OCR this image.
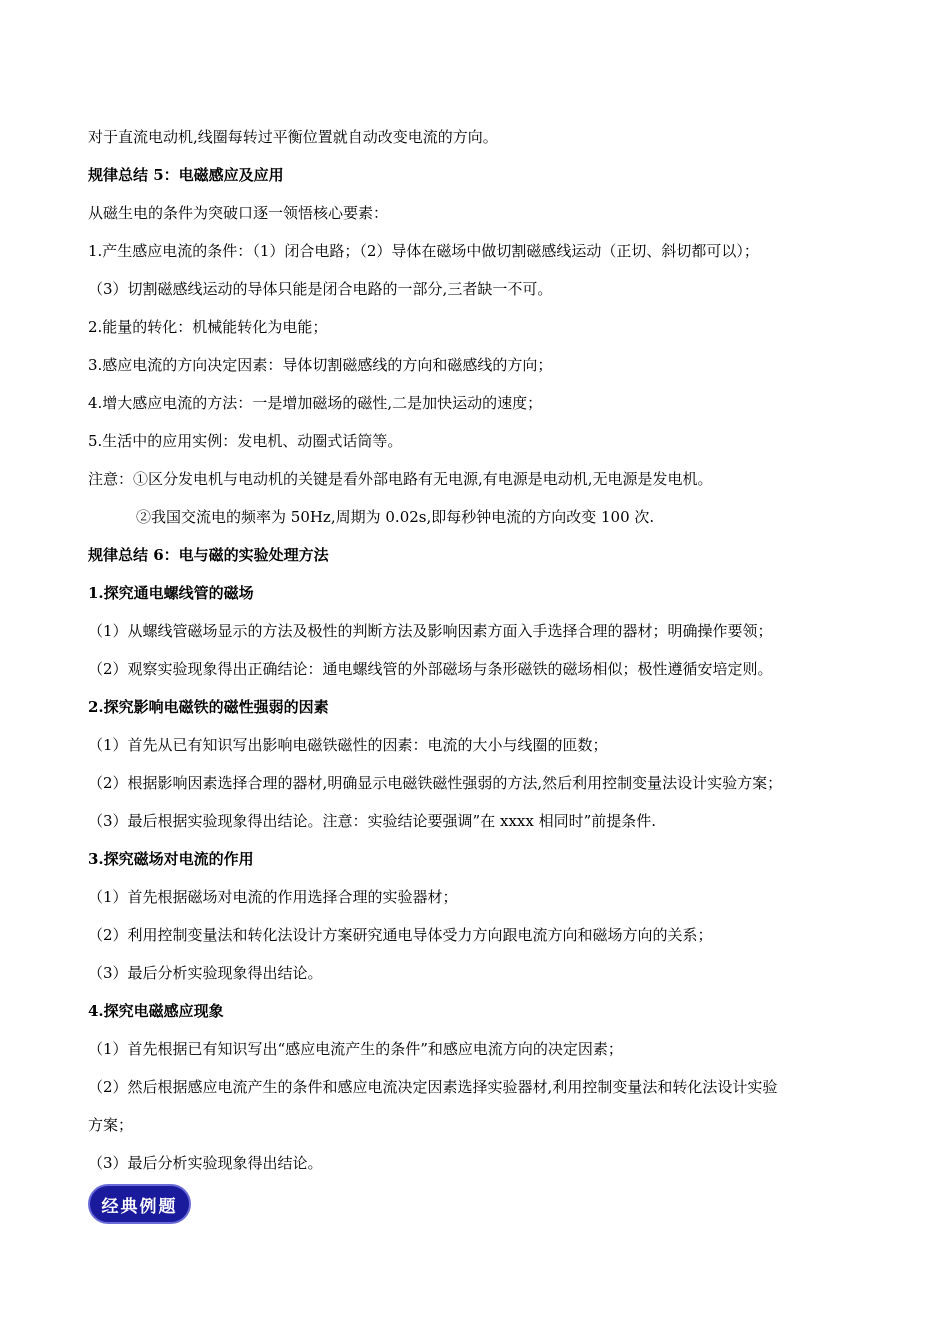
对于直流电动机,线圈每转过平衡位置就自动改变电流的方向。
规律总结 5：电磁感应及应用
从磁生电的条件为突破口逐一领悟核心要素：
1.产生感应电流的条件：（1）闭合电路；（2）导体在磁场中做切割磁感线运动（正切、斜切都可以）；
（3）切割磁感线运动的导体只能是闭合电路的一部分,三者缺一不可。
2.能量的转化：机械能转化为电能；
3.感应电流的方向决定因素：导体切割磁感线的方向和磁感线的方向；
4.增大感应电流的方法：一是增加磁场的磁性,二是加快运动的速度；
5.生活中的应用实例：发电机、动圈式话筒等。
注意：①区分发电机与电动机的关键是看外部电路有无电源,有电源是电动机,无电源是发电机。
②我国交流电的频率为 50Hz,周期为 0.02s,即每秒钟电流的方向改变 100 次.
规律总结 6：电与磁的实验处理方法
1.探究通电螺线管的磁场
（1）从螺线管磁场显示的方法及极性的判断方法及影响因素方面入手选择合理的器材；明确操作要领；
（2）观察实验现象得出正确结论：通电螺线管的外部磁场与条形磁铁的磁场相似；极性遵循安培定则。
2.探究影响电磁铁的磁性强弱的因素
（1）首先从已有知识写出影响电磁铁磁性的因素：电流的大小与线圈的匝数；
（2）根据影响因素选择合理的器材,明确显示电磁铁磁性强弱的方法,然后利用控制变量法设计实验方案；
（3）最后根据实验现象得出结论。注意：实验结论要强调”在 xxxx 相同时”前提条件.
3.探究磁场对电流的作用
（1）首先根据磁场对电流的作用选择合理的实验器材；
（2）利用控制变量法和转化法设计方案研究通电导体受力方向跟电流方向和磁场方向的关系；
（3）最后分析实验现象得出结论。
4.探究电磁感应现象
（1）首先根据已有知识写出“感应电流产生的条件”和感应电流方向的决定因素；
（2）然后根据感应电流产生的条件和感应电流决定因素选择实验器材,利用控制变量法和转化法设计实验
方案；
（3）最后分析实验现象得出结论。
经典例题
